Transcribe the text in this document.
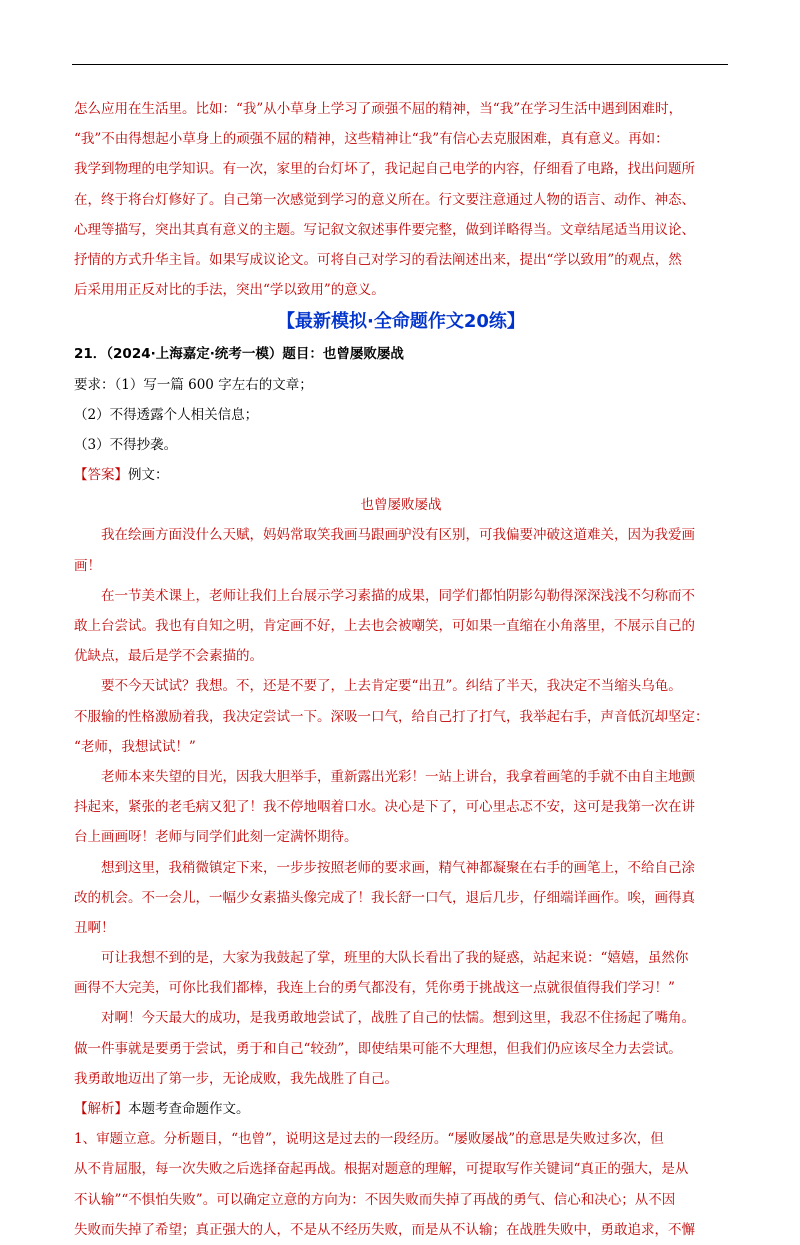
怎么应用在生活里。比如：“我”从小草身上学习了顽强不屈的精神，当“我”在学习生活中遇到困难时，
“我”不由得想起小草身上的顽强不屈的精神，这些精神让“我”有信心去克服困难，真有意义。再如：
我学到物理的电学知识。有一次，家里的台灯坏了，我记起自己电学的内容，仔细看了电路，找出问题所
在，终于将台灯修好了。自己第一次感觉到学习的意义所在。行文要注意通过人物的语言、动作、神态、
心理等描写，突出其真有意义的主题。写记叙文叙述事件要完整，做到详略得当。文章结尾适当用议论、
抒情的方式升华主旨。如果写成议论文。可将自己对学习的看法阐述出来，提出“学以致用”的观点，然
后采用用正反对比的手法，突出“学以致用”的意义。
【最新模拟·全命题作文20练】
21．（2024·上海嘉定·统考一模）题目：也曾屡败屡战
要求：（1）写一篇 600 字左右的文章；
（2）不得透露个人相关信息；
（3）不得抄袭。
【答案】例文：
也曾屡败屡战
我在绘画方面没什么天赋，妈妈常取笑我画马跟画驴没有区别，可我偏要冲破这道难关，因为我爱画
画！
在一节美术课上，老师让我们上台展示学习素描的成果，同学们都怕阴影勾勒得深深浅浅不匀称而不
敢上台尝试。我也有自知之明，肯定画不好，上去也会被嘲笑，可如果一直缩在小角落里，不展示自己的
优缺点，最后是学不会素描的。
要不今天试试？我想。不，还是不要了，上去肯定要“出丑”。纠结了半天，我决定不当缩头乌龟。
不服输的性格激励着我，我决定尝试一下。深吸一口气，给自己打了打气，我举起右手，声音低沉却坚定：
“老师，我想试试！”
老师本来失望的目光，因我大胆举手，重新露出光彩！一站上讲台，我拿着画笔的手就不由自主地颤
抖起来，紧张的老毛病又犯了！我不停地咽着口水。决心是下了，可心里忐忑不安，这可是我第一次在讲
台上画画呀！老师与同学们此刻一定满怀期待。
想到这里，我稍微镇定下来，一步步按照老师的要求画，精气神都凝聚在右手的画笔上，不给自己涂
改的机会。不一会儿，一幅少女素描头像完成了！我长舒一口气，退后几步，仔细端详画作。唉，画得真
丑啊！
可让我想不到的是，大家为我鼓起了掌，班里的大队长看出了我的疑惑，站起来说：“嬉嬉，虽然你
画得不大完美，可你比我们都棒，我连上台的勇气都没有，凭你勇于挑战这一点就很值得我们学习！”
对啊！今天最大的成功，是我勇敢地尝试了，战胜了自己的怯懦。想到这里，我忍不住扬起了嘴角。
做一件事就是要勇于尝试，勇于和自己“较劲”，即使结果可能不大理想，但我们仍应该尽全力去尝试。
我勇敢地迈出了第一步，无论成败，我先战胜了自己。
【解析】本题考查命题作文。
1、审题立意。分析题目，“也曾”，说明这是过去的一段经历。“屡败屡战”的意思是失败过多次，但
从不肯屈服，每一次失败之后选择奋起再战。根据对题意的理解，可提取写作关键词“真正的强大，是从
不认输”“不惧怕失败”。可以确定立意的方向为：不因失败而失掉了再战的勇气、信心和决心；从不因
失败而失掉了希望；真正强大的人，不是从不经历失败，而是从不认输；在战胜失败中，勇敢追求，不懈
